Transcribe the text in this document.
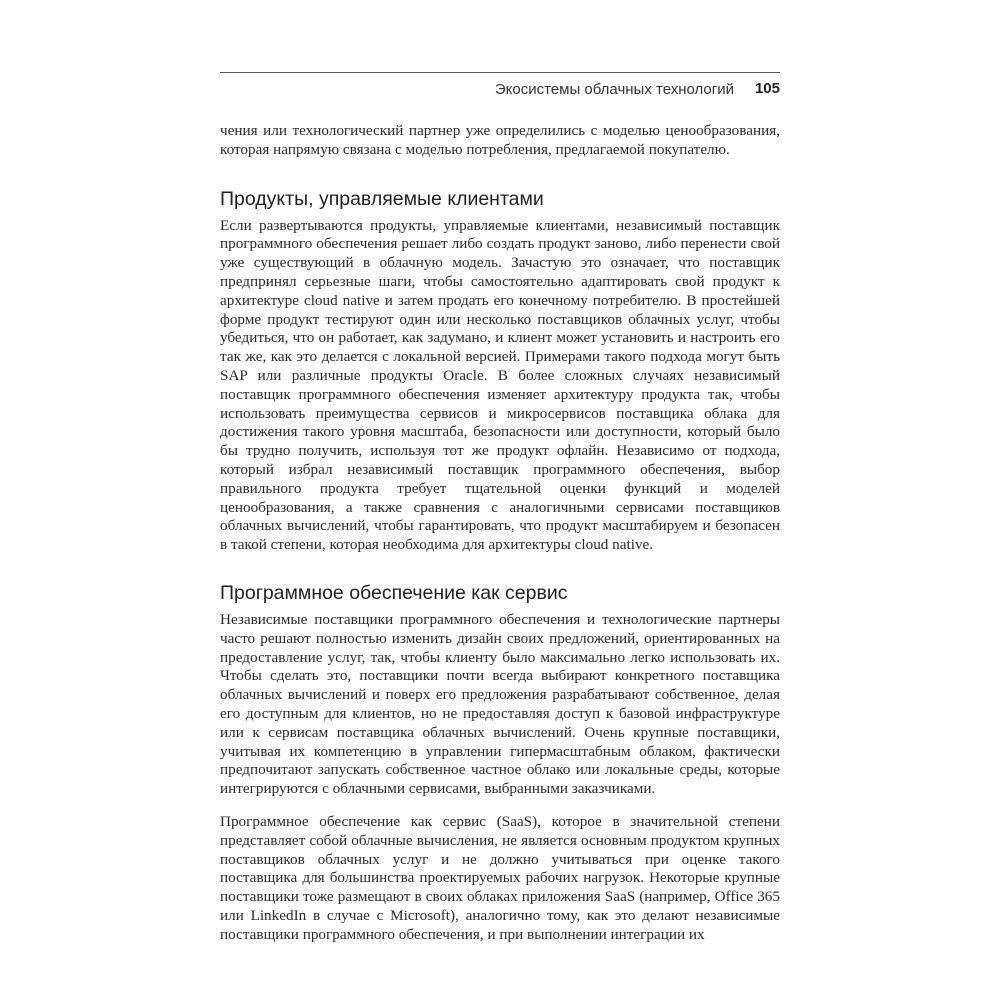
Экосистемы облачных технологий 105

чения или технологический партнер уже определились с моделью ценообразования, которая напрямую связана с моделью потребления, предлагаемой покупателю.

Продукты, управляемые клиентами

Если развертываются продукты, управляемые клиентами, независимый поставщик программного обеспечения решает либо создать продукт заново, либо перенести свой уже существующий в облачную модель. Зачастую это означает, что поставщик предпринял серьезные шаги, чтобы самостоятельно адаптировать свой продукт к архитектуре cloud native и затем продать его конечному потребителю. В простейшей форме продукт тестируют один или несколько поставщиков облачных услуг, чтобы убедиться, что он работает, как задумано, и клиент может установить и настроить его так же, как это делается с локальной версией. Примерами такого подхода могут быть SAP или различные продукты Oracle. В более сложных случаях независимый поставщик программного обеспечения изменяет архитектуру продукта так, чтобы использовать преимущества сервисов и микросервисов поставщика облака для достижения такого уровня масштаба, безопасности или доступности, который было бы трудно получить, используя тот же продукт офлайн. Независимо от подхода, который избрал независимый поставщик программного обеспечения, выбор правильного продукта требует тщательной оценки функций и моделей ценообразования, а также сравнения с аналогичными сервисами поставщиков облачных вычислений, чтобы гарантировать, что продукт масштабируем и безопасен в такой степени, которая необходима для архитектуры cloud native.

Программное обеспечение как сервис

Независимые поставщики программного обеспечения и технологические партнеры часто решают полностью изменить дизайн своих предложений, ориентированных на предоставление услуг, так, чтобы клиенту было максимально легко использовать их. Чтобы сделать это, поставщики почти всегда выбирают конкретного поставщика облачных вычислений и поверх его предложения разрабатывают собственное, делая его доступным для клиентов, но не предоставляя доступ к базовой инфраструктуре или к сервисам поставщика облачных вычислений. Очень крупные поставщики, учитывая их компетенцию в управлении гипермасштабным облаком, фактически предпочитают запускать собственное частное облако или локальные среды, которые интегрируются с облачными сервисами, выбранными заказчиками.

Программное обеспечение как сервис (SaaS), которое в значительной степени представляет собой облачные вычисления, не является основным продуктом крупных поставщиков облачных услуг и не должно учитываться при оценке такого поставщика для большинства проектируемых рабочих нагрузок. Некоторые крупные поставщики тоже размещают в своих облаках приложения SaaS (например, Office 365 или LinkedIn в случае с Microsoft), аналогично тому, как это делают независимые поставщики программного обеспечения, и при выполнении интеграции их
